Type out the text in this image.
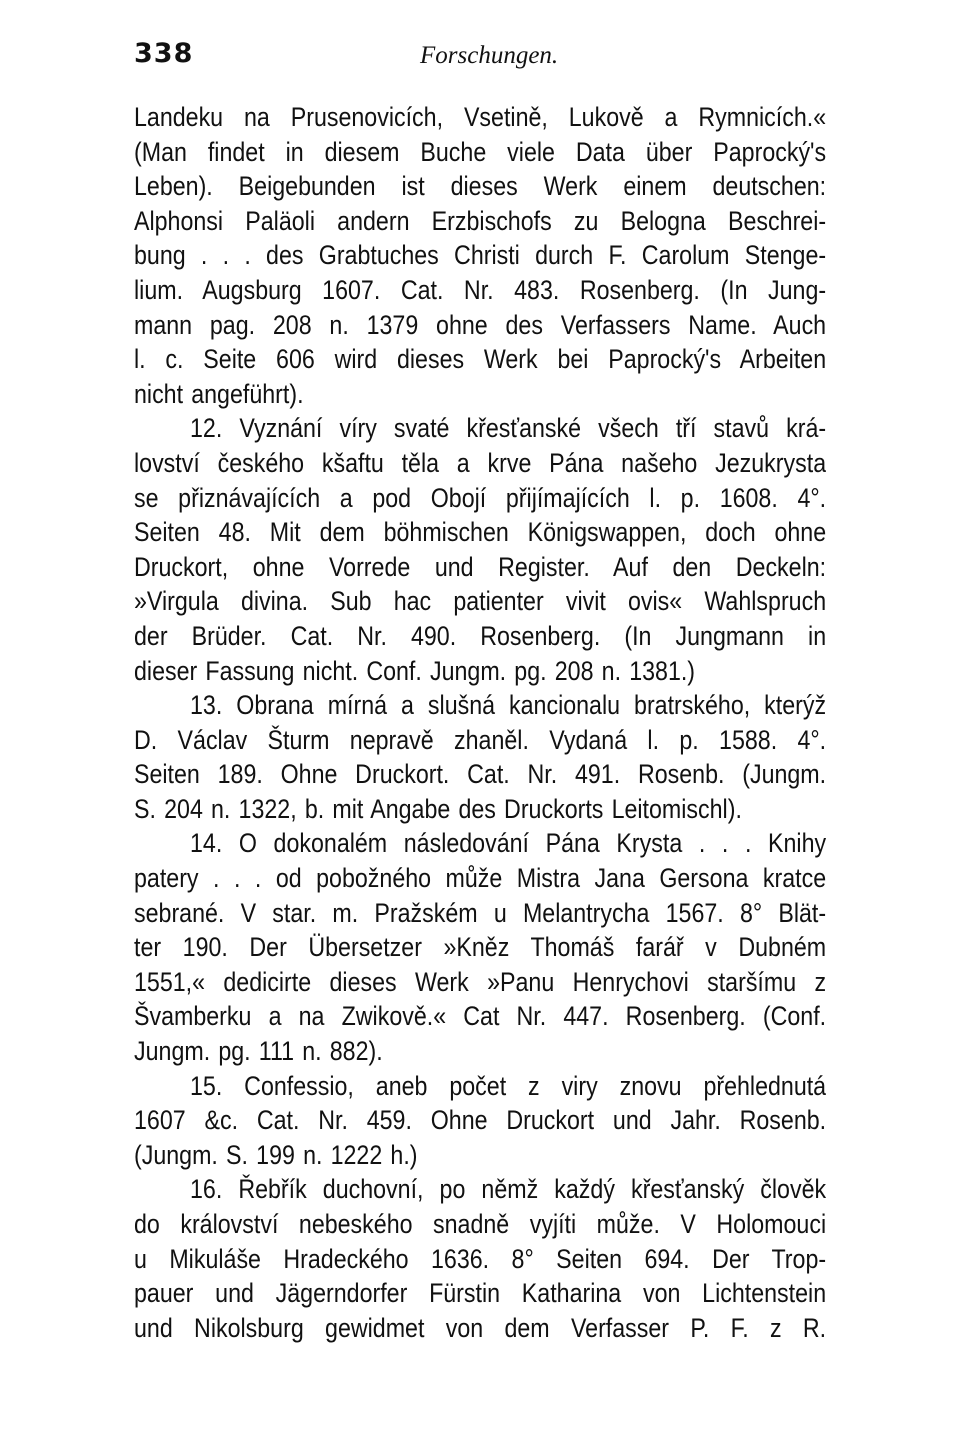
338	Forschungen.
Landeku na Prusenovicích, Vsetině, Lukově a Rymnicích.«
(Man findet in diesem Buche viele Data über Paprocký's
Leben). Beigebunden ist dieses Werk einem deutschen:
Alphonsi Paläoli andern Erzbischofs zu Belogna Beschrei-
bung . . . des Grabtuches Christi durch F. Carolum Stenge-
lium. Augsburg 1607. Cat. Nr. 483. Rosenberg. (In Jung-
mann pag. 208 n. 1379 ohne des Verfassers Name. Auch
l. c. Seite 606 wird dieses Werk bei Paprocký's Arbeiten
nicht angeführt).
12. Vyznání víry svaté křesťanské všech tří stavů krá-
lovství českého kšaftu těla a krve Pána našeho Jezukrysta
se přiznávajících a pod Obojí přijímajících l. p. 1608. 4°.
Seiten 48. Mit dem böhmischen Königswappen, doch ohne
Druckort, ohne Vorrede und Register. Auf den Deckeln:
»Virgula divina. Sub hac patienter vivit ovis« Wahlspruch
der Brüder. Cat. Nr. 490. Rosenberg. (In Jungmann in
dieser Fassung nicht. Conf. Jungm. pg. 208 n. 1381.)
13. Obrana mírná a slušná kancionalu bratrského, kterýž
D. Václav Šturm nepravě zhaněl. Vydaná l. p. 1588. 4°.
Seiten 189. Ohne Druckort. Cat. Nr. 491. Rosenb. (Jungm.
S. 204 n. 1322, b. mit Angabe des Druckorts Leitomischl).
14. O dokonalém následování Pána Krysta . . . Knihy
patery . . . od pobožného může Mistra Jana Gersona kratce
sebrané. V star. m. Pražském u Melantrycha 1567. 8° Blät-
ter 190. Der Übersetzer »Kněz Thomáš farář v Dubném
1551,« dedicirte dieses Werk »Panu Henrychovi staršímu z
Švamberku a na Zwikově.« Cat Nr. 447. Rosenberg. (Conf.
Jungm. pg. 111 n. 882).
15. Confessio, aneb počet z viry znovu přehlednutá
1607 &c. Cat. Nr. 459. Ohne Druckort und Jahr. Rosenb.
(Jungm. S. 199 n. 1222 h.)
16. Řebřík duchovní, po němž každý křesťanský člověk
do království nebeského snadně vyjíti může. V Holomouci
u Mikuláše Hradeckého 1636. 8° Seiten 694. Der Trop-
pauer und Jägerndorfer Fürstin Katharina von Lichtenstein
und Nikolsburg gewidmet von dem Verfasser P. F. z R.
